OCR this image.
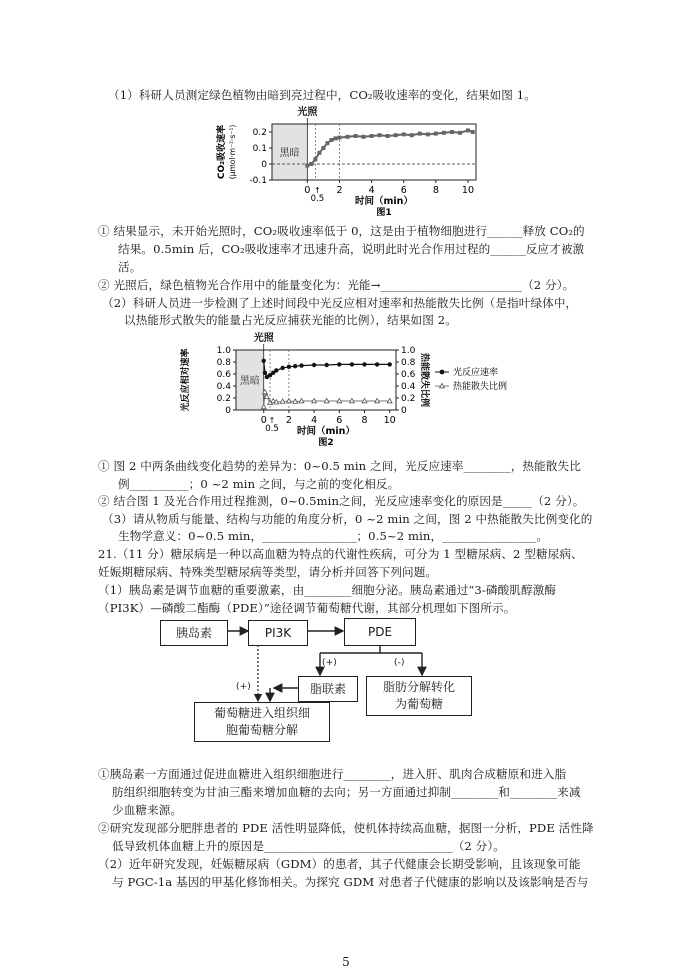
（1）科研人员测定绿色植物由暗到亮过程中，CO₂吸收速率的变化，结果如图 1。
黑暗
光照
0	2	4	6	8 10
0.5
↑
-0.1
0
0.1
0.2
时间（min）
图1
CO₂吸收速率 (μmol·m⁻²·s⁻¹)
① 结果显示，未开始光照时，CO₂吸收速率低于 0，这是由于植物细胞进行______释放 CO₂的
结果。0.5min 后，CO₂吸收速率才迅速升高，说明此时光合作用过程的______反应才被激
活。
② 光照后，绿色植物光合作用中的能量变化为：光能→________________________（2 分）。
（2）科研人员进一步检测了上述时间段中光反应相对速率和热能散失比例（是指叶绿体中，
以热能形式散失的能量占光反应捕获光能的比例），结果如图 2。
黑暗
光照
0 2 4 6 8 10
0.5
↑
0	0
0.2	0.2
0.4	0.4
0.6	0.6
0.8	0.8
1.0	1.0
时间（min）
图2
光反应相对速率	热能散失比例	光反应速率
热能散失比例
① 图 2 中两条曲线变化趋势的差异为：0~0.5 min 之间，光反应速率________，热能散失比
例__________；0 ~2 min 之间，与之前的变化相反。
② 结合图 1 及光合作用过程推测，0~0.5min之间，光反应速率变化的原因是_____（2 分）。
（3）请从物质与能量、结构与功能的角度分析，0 ~2 min 之间，图 2 中热能散失比例变化的
生物学意义：0~0.5 min，________________；0.5~2 min，________________。
21.（11 分）糖尿病是一种以高血糖为特点的代谢性疾病，可分为 1 型糖尿病、2 型糖尿病、
妊娠期糖尿病、特殊类型糖尿病等类型，请分析并回答下列问题。
（1）胰岛素是调节血糖的重要激素，由________细胞分泌。胰岛素通过“3-磷酸肌醇激酶
（PI3K）—磷酸二酯酶（PDE）”途径调节葡萄糖代谢，其部分机理如下图所示。
胰岛素	PI3K	PDE
脂联素	脂肪分解转化
为葡萄糖
葡萄糖进入组织细
胞葡萄糖分解
(+)	(-)
(+)
①胰岛素一方面通过促进血糖进入组织细胞进行________，进入肝、肌肉合成糖原和进入脂
肪组织细胞转变为甘油三酯来增加血糖的去向；另一方面通过抑制________和________来减
少血糖来源。
②研究发现部分肥胖患者的 PDE 活性明显降低，使机体持续高血糖，据图一分析，PDE 活性降
低导致机体血糖上升的原因是________________________________（2 分）。
（2）近年研究发现，妊娠糖尿病（GDM）的患者，其子代健康会长期受影响，且该现象可能
与 PGC-1a 基因的甲基化修饰相关。为探究 GDM 对患者子代健康的影响以及该影响是否与
5
